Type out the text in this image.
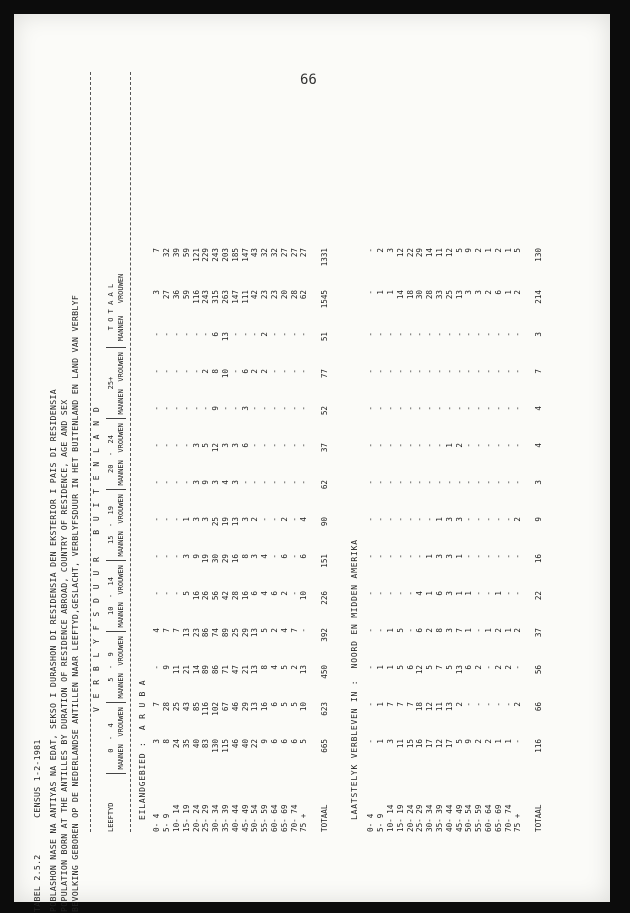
66
TABEL 2.5.2       CENSUS 1-2-1981 POBLASHON NASE NA ANTIYAS NA EDAT, SEKSO I DURASHON DI RESIDENSIA DEN EKSTERIOR I PAIS DI RESIDENSIA POPULATION BORN AT THE ANTILLES BY DURATION OF RESIDENCE ABROAD, COUNTRY OF RESIDENCE, AGE AND SEX BEVOLKING GEBOREN OP DE NEDERLANDSE ANTILLEN NAAR LEEFTYD,GESLACHT, VERBLYFSDUUR IN HET BUITENLAND EN LAND VAN VERBLYF V E R B L Y F S D U U R   B U I T E N L A N D
LEEFTYD	0  -  4		5  -  9		10  -  14		15  -  19		20  -  24		25+		T O T A A L	
	MANNEN	VROUWEN	MANNEN	VROUWEN	MANNEN	VROUWEN	MANNEN	VROUWEN	MANNEN	VROUWEN	MANNEN	VROUWEN	MANNEN	VROUWEN
EILANDGEBIED :  A R U B A
0- 4	3	7	-	4	-	-	-	-	-	-	-	-	3	7
5- 9	8	28	9	7	-	-	-	-	-	-	-	-	27	32
10- 14	24	25	11	7	-	-	-	-	-	-	-	-	36	39
15- 19	35	43	21	13	5	3	1	-	-	-	-	-	59	59
20- 24	40	85	14	23	16	9	3	3	3	-	-	-	116	121
25- 29	83	116	89	86	26	19	3	9	5	-	2	-	243	229
30- 34	130	102	86	74	56	30	25	3	12	9	8	6	315	243
35- 39	115	67	71	89	42	29	19	4	3	-	10	13	263	203
40- 44	46	46	47	25	28	16	13	3	3	-	-	-	147	185
45- 49	40	29	21	29	16	8	3	-	6	3	6	-	111	147
50- 54	22	13	13	13	6	3	2	-	-	-	2	-	42	43
55- 59	9	16	8	5	4	4	-	-	-	-	2	2	23	32
60- 64	6	6	4	2	6	-	-	-	-	-	-	-	23	32
65- 69	6	5	5	4	2	6	2	-	-	-	-	-	20	27
70- 74	6	5	2	7	-	-	-	-	-	-	-	-	28	27
75 +	5	10	13	-	10	6	4	-	-	-	-	-	62	27

TOTAAL	665	623	450	392	226	151	90	62	37	52	77	51	1545	1331
LAATSTELYK VERBLEVEN IN :  NOORD EN MIDDEN AMERIKA
0- 4	-	-	-	-	-	-	-	-	-	-	-	-	-	-
5- 9	1	1	1	-	-	-	-	-	-	-	-	-	1	2
10- 14	3	7	1	1	-	-	-	-	-	-	-	-	1	3
15- 19	11	7	5	5	-	-	-	-	-	-	-	-	14	12
20- 24	15	7	6	-	-	-	-	-	-	-	-	-	18	22
25- 29	16	18	12	6	4	-	-	-	-	-	-	-	30	29
30- 34	17	12	5	2	1	1	-	-	-	-	-	-	28	14
35- 39	12	11	7	8	6	3	1	-	-	-	-	-	33	11
40- 44	17	13	5	3	3	3	3	-	1	-	-	-	25	12
45- 49	5	2	13	7	1	1	3	-	2	-	-	-	13	5
50- 54	9	-	6	1	1	-	-	-	-	-	-	-	3	9
55- 59	2	-	2	-	-	-	-	-	-	-	-	-	3	2
60- 64	2	-	-	1	-	-	-	-	-	-	-	-	2	1
65- 69	1	-	2	2	1	-	-	-	-	-	-	-	6	2
70- 74	1	-	2	1	-	-	-	-	-	-	-	-	1	1
75 +	-	2	-	2	-	-	2	-	-	-	-	-	2	5

TOTAAL	116	66	56	37	22	16	9	3	4	4	7	3	214	130
